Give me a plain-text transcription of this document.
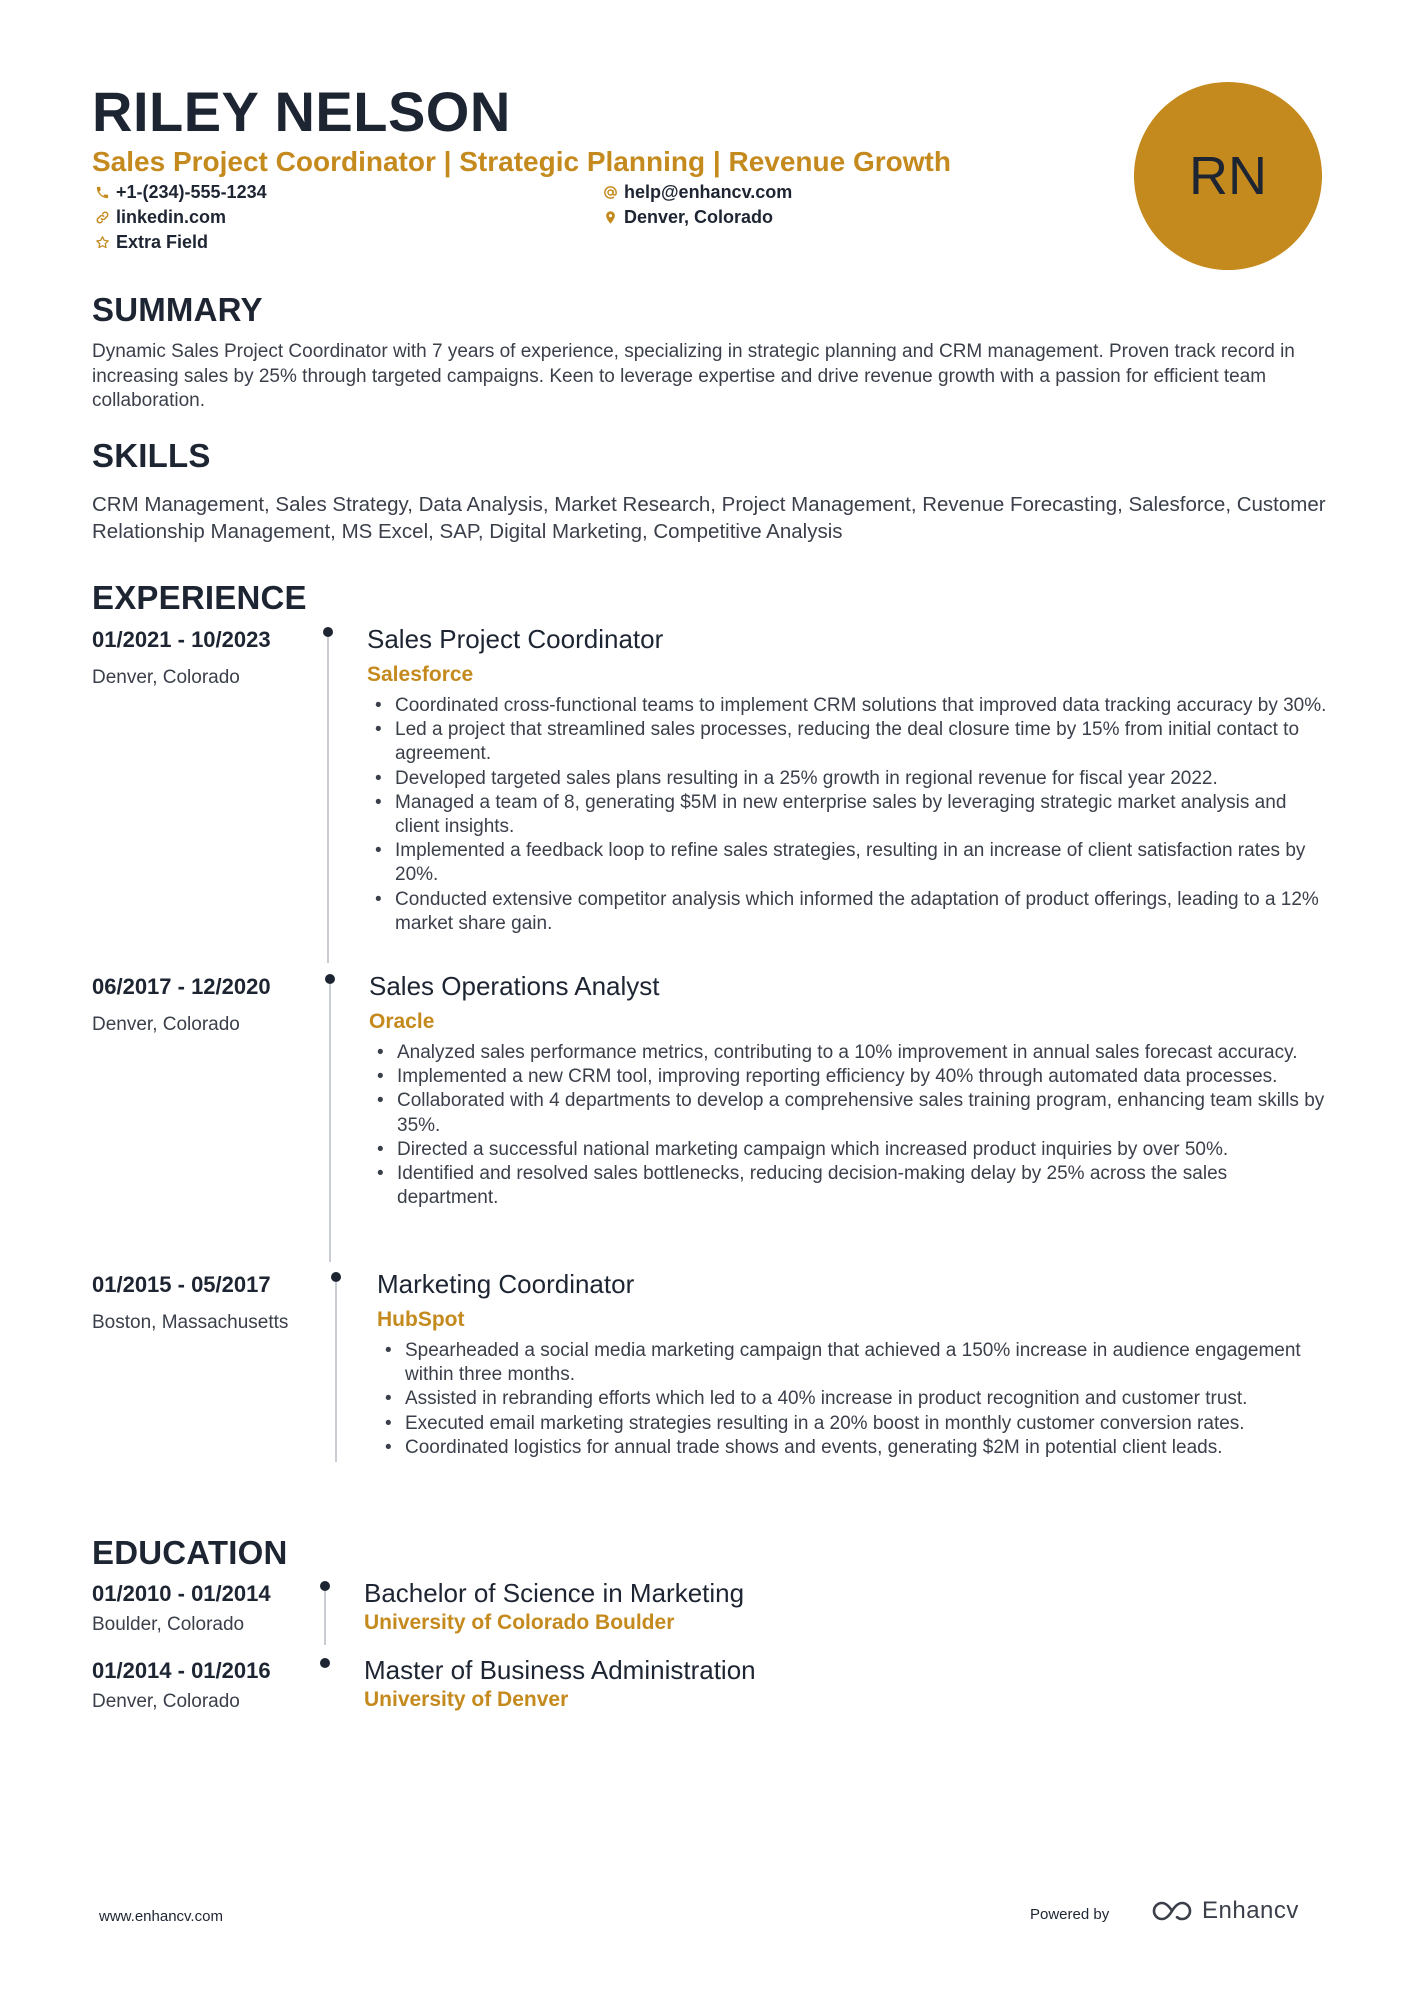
RILEY NELSON
Sales Project Coordinator | Strategic Planning | Revenue Growth
+1-(234)-555-1234	help@enhancv.com
linkedin.com	Denver, Colorado
Extra Field
RN
SUMMARY
Dynamic Sales Project Coordinator with 7 years of experience, specializing in strategic planning and CRM management. Proven track record in increasing sales by 25% through targeted campaigns. Keen to leverage expertise and drive revenue growth with a passion for efficient team collaboration.
SKILLS
CRM Management, Sales Strategy, Data Analysis, Market Research, Project Management, Revenue Forecasting, Salesforce, Customer Relationship Management, MS Excel, SAP, Digital Marketing, Competitive Analysis
EXPERIENCE
01/2021 - 10/2023
Denver, Colorado
Sales Project Coordinator
Salesforce
• Coordinated cross-functional teams to implement CRM solutions that improved data tracking accuracy by 30%.
• Led a project that streamlined sales processes, reducing the deal closure time by 15% from initial contact to agreement.
• Developed targeted sales plans resulting in a 25% growth in regional revenue for fiscal year 2022.
• Managed a team of 8, generating $5M in new enterprise sales by leveraging strategic market analysis and client insights.
• Implemented a feedback loop to refine sales strategies, resulting in an increase of client satisfaction rates by 20%.
• Conducted extensive competitor analysis which informed the adaptation of product offerings, leading to a 12% market share gain.
06/2017 - 12/2020
Denver, Colorado
Sales Operations Analyst
Oracle
• Analyzed sales performance metrics, contributing to a 10% improvement in annual sales forecast accuracy.
• Implemented a new CRM tool, improving reporting efficiency by 40% through automated data processes.
• Collaborated with 4 departments to develop a comprehensive sales training program, enhancing team skills by 35%.
• Directed a successful national marketing campaign which increased product inquiries by over 50%.
• Identified and resolved sales bottlenecks, reducing decision-making delay by 25% across the sales department.
01/2015 - 05/2017
Boston, Massachusetts
Marketing Coordinator
HubSpot
• Spearheaded a social media marketing campaign that achieved a 150% increase in audience engagement within three months.
• Assisted in rebranding efforts which led to a 40% increase in product recognition and customer trust.
• Executed email marketing strategies resulting in a 20% boost in monthly customer conversion rates.
• Coordinated logistics for annual trade shows and events, generating $2M in potential client leads.
EDUCATION
01/2010 - 01/2014
Boulder, Colorado
Bachelor of Science in Marketing
University of Colorado Boulder
01/2014 - 01/2016
Denver, Colorado
Master of Business Administration
University of Denver
www.enhancv.com	Powered by	Enhancv
